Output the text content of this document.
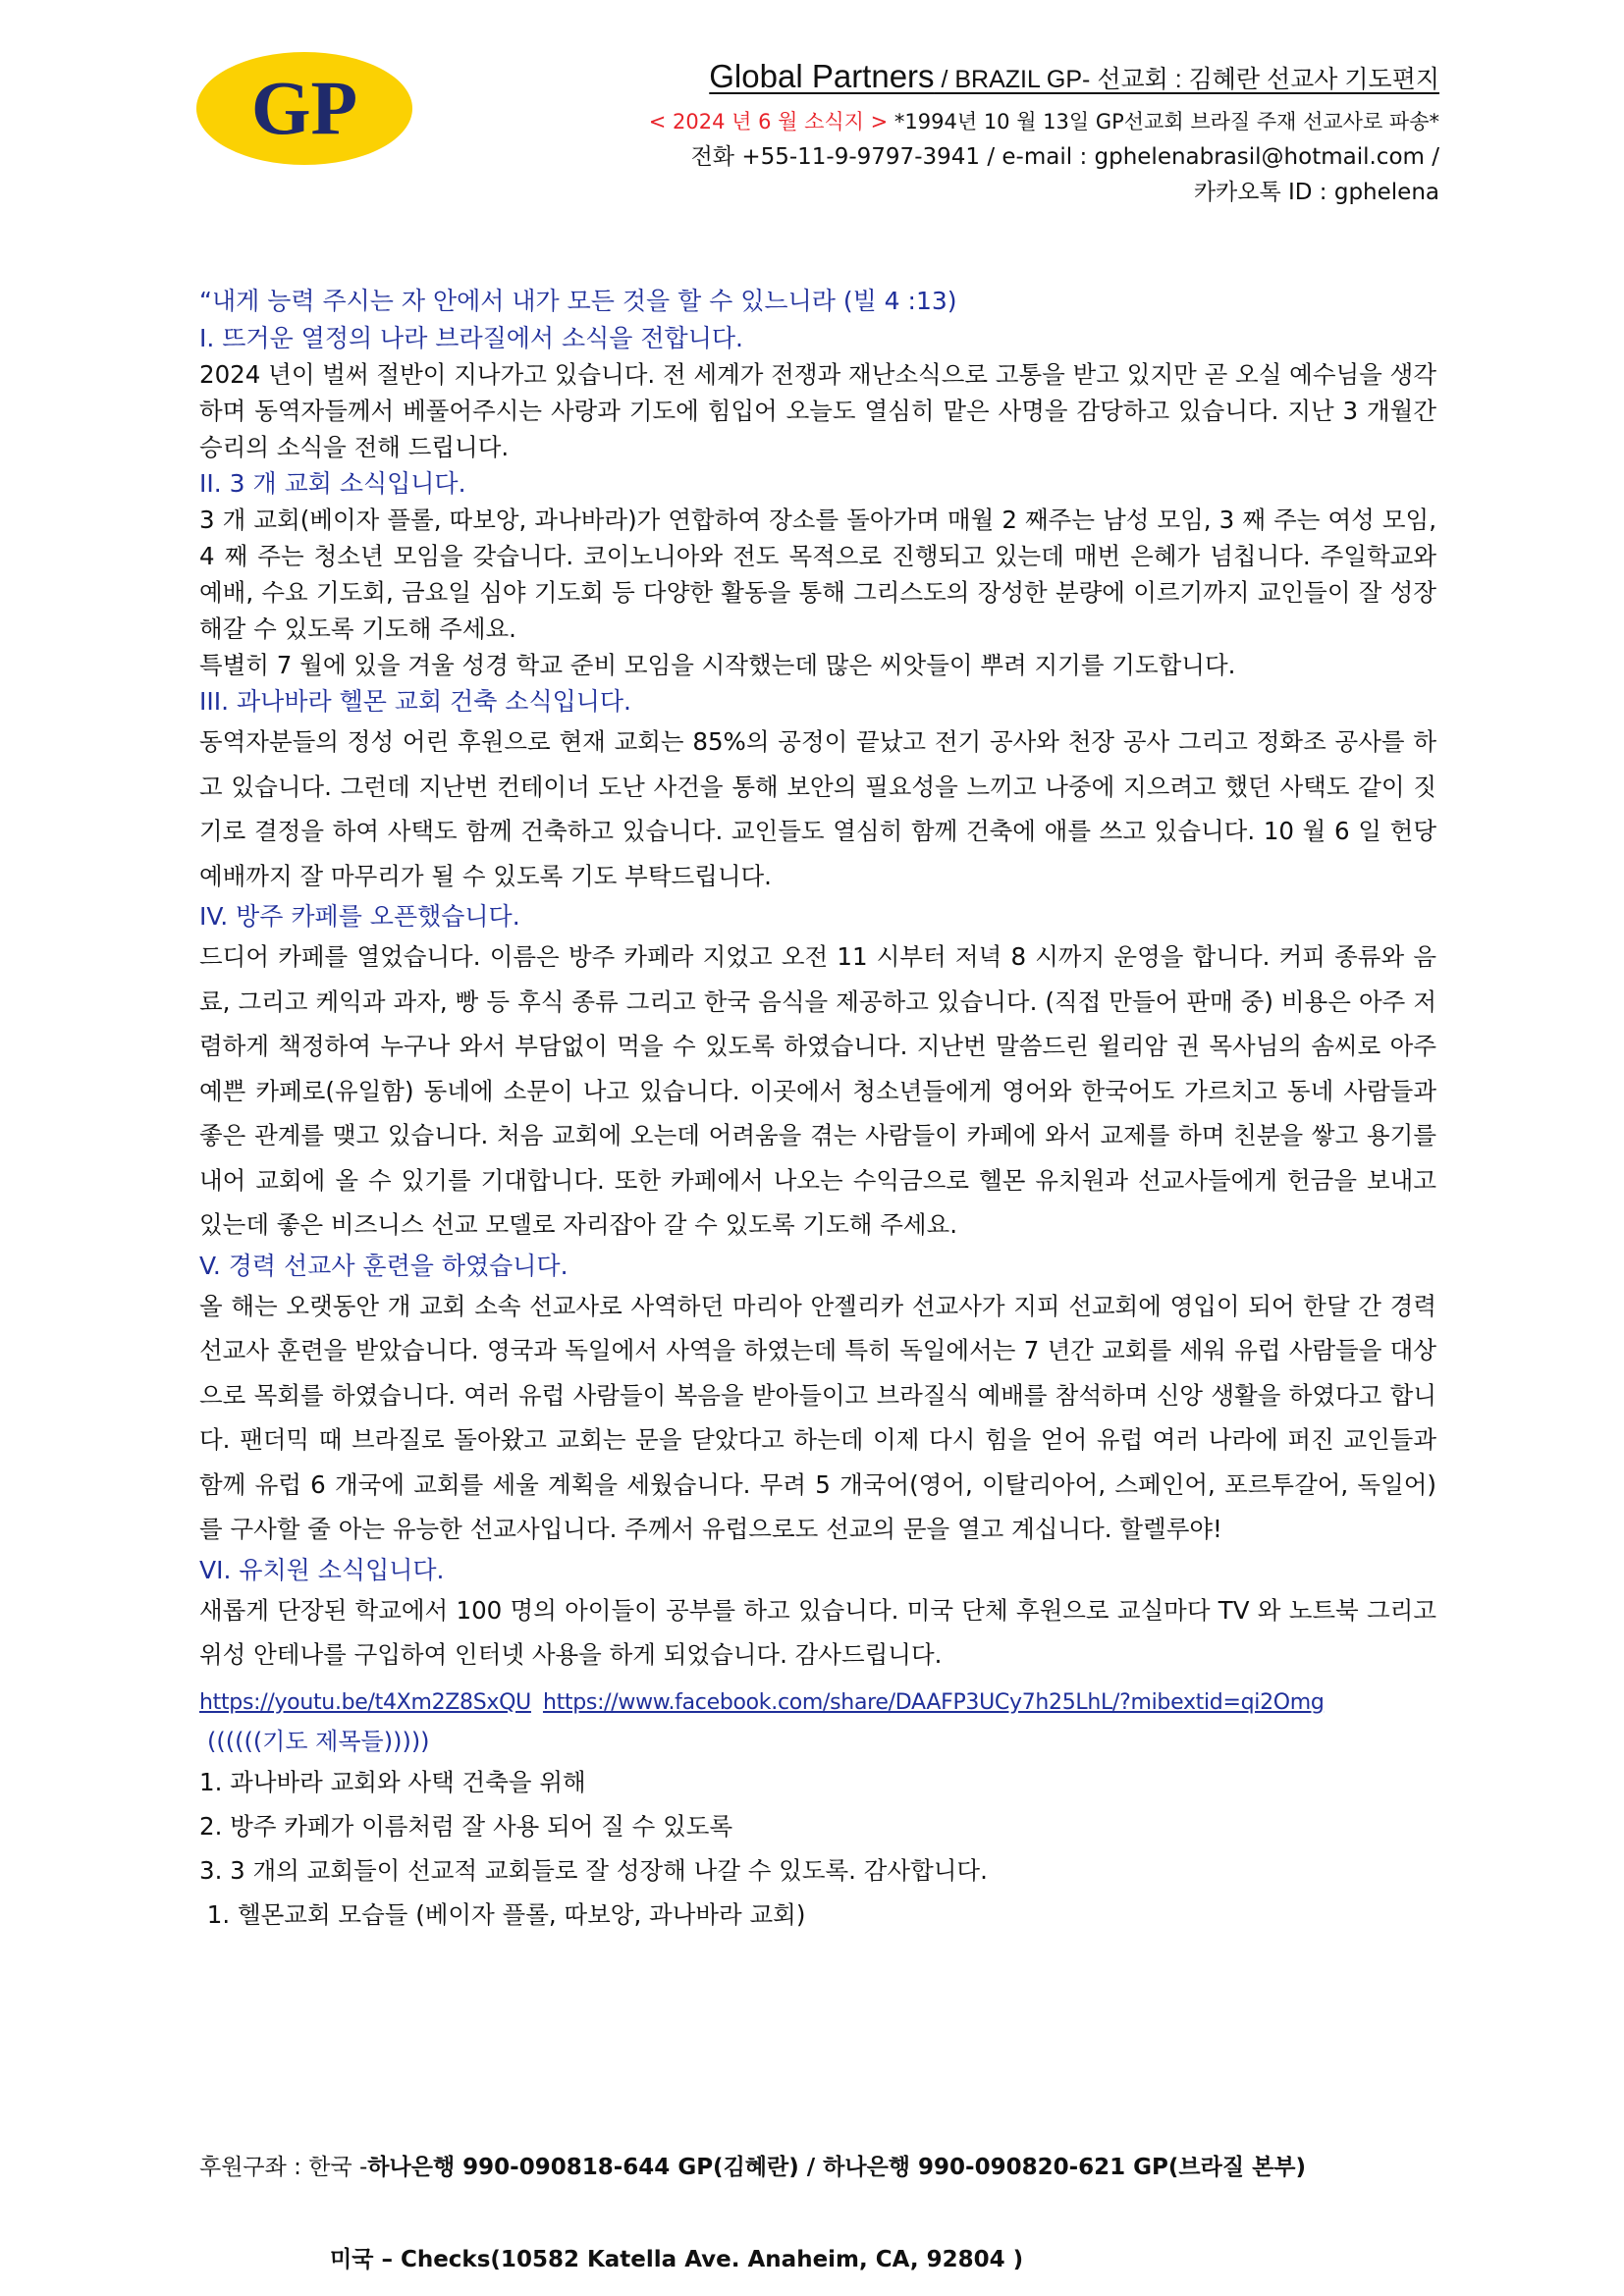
GP	Global Partners / BRAZIL GP- 선교회 : 김혜란 선교사 기도편지
< 2024 년 6 월 소식지 > *1994년 10 월 13일 GP선교회 브라질 주재 선교사로 파송*
전화 +55-11-9-9797-3941 / e-mail : gphelenabrasil@hotmail.com /
카카오톡 ID : gphelena
“내게 능력 주시는 자 안에서 내가 모든 것을 할 수 있느니라 (빌 4 :13)
I. 뜨거운 열정의 나라 브라질에서 소식을 전합니다.

2024 년이 벌써 절반이 지나가고 있습니다. 전 세계가 전쟁과 재난소식으로 고통을 받고 있지만 곧 오실 예수님을 생각하며 동역자들께서 베풀어주시는 사랑과 기도에 힘입어 오늘도 열심히 맡은 사명을 감당하고 있습니다. 지난 3 개월간 승리의 소식을 전해 드립니다.

II. 3 개 교회 소식입니다.

3 개 교회(베이자 플롤, 따보앙, 과나바라)가 연합하여 장소를 돌아가며 매월 2 째주는 남성 모임, 3 째 주는 여성 모임, 4 째 주는 청소년 모임을 갖습니다. 코이노니아와 전도 목적으로 진행되고 있는데 매번 은혜가 넘칩니다. 주일학교와 예배, 수요 기도회, 금요일 심야 기도회 등 다양한 활동을 통해 그리스도의 장성한 분량에 이르기까지 교인들이 잘 성장해갈 수 있도록 기도해 주세요.

특별히 7 월에 있을 겨울 성경 학교 준비 모임을 시작했는데 많은 씨앗들이 뿌려 지기를 기도합니다.

III. 과나바라 헬몬 교회 건축 소식입니다.

동역자분들의 정성 어린 후원으로 현재 교회는 85%의 공정이 끝났고 전기 공사와 천장 공사 그리고 정화조 공사를 하고 있습니다. 그런데 지난번 컨테이너 도난 사건을 통해 보안의 필요성을 느끼고 나중에 지으려고 했던 사택도 같이 짓기로 결정을 하여 사택도 함께 건축하고 있습니다. 교인들도 열심히 함께 건축에 애를 쓰고 있습니다. 10 월 6 일 헌당 예배까지 잘 마무리가 될 수 있도록 기도 부탁드립니다.

IV. 방주 카페를 오픈했습니다.

드디어 카페를 열었습니다. 이름은 방주 카페라 지었고 오전 11 시부터 저녁 8 시까지 운영을 합니다. 커피 종류와 음료, 그리고 케익과 과자, 빵 등 후식 종류 그리고 한국 음식을 제공하고 있습니다. (직접 만들어 판매 중) 비용은 아주 저렴하게 책정하여 누구나 와서 부담없이 먹을 수 있도록 하였습니다. 지난번 말씀드린 윌리암 권 목사님의 솜씨로 아주 예쁜 카페로(유일함) 동네에 소문이 나고 있습니다. 이곳에서 청소년들에게 영어와 한국어도 가르치고 동네 사람들과 좋은 관계를 맺고 있습니다. 처음 교회에 오는데 어려움을 겪는 사람들이 카페에 와서 교제를 하며 친분을 쌓고 용기를 내어 교회에 올 수 있기를 기대합니다. 또한 카페에서 나오는 수익금으로 헬몬 유치원과 선교사들에게 헌금을 보내고 있는데 좋은 비즈니스 선교 모델로 자리잡아 갈 수 있도록 기도해 주세요.

V. 경력 선교사 훈련을 하였습니다.

올 해는 오랫동안 개 교회 소속 선교사로 사역하던 마리아 안젤리카 선교사가 지피 선교회에 영입이 되어 한달 간 경력 선교사 훈련을 받았습니다. 영국과 독일에서 사역을 하였는데 특히 독일에서는 7 년간 교회를 세워 유럽 사람들을 대상으로 목회를 하였습니다. 여러 유럽 사람들이 복음을 받아들이고 브라질식 예배를 참석하며 신앙 생활을 하였다고 합니다. 팬더믹 때 브라질로 돌아왔고 교회는 문을 닫았다고 하는데 이제 다시 힘을 얻어 유럽 여러 나라에 퍼진 교인들과 함께 유럽 6 개국에 교회를 세울 계획을 세웠습니다. 무려 5 개국어(영어, 이탈리아어, 스페인어, 포르투갈어, 독일어)를 구사할 줄 아는 유능한 선교사입니다. 주께서 유럽으로도 선교의 문을 열고 계십니다. 할렐루야!

VI. 유치원 소식입니다.

새롭게 단장된 학교에서 100 명의 아이들이 공부를 하고 있습니다. 미국 단체 후원으로 교실마다 TV 와 노트북 그리고 위성 안테나를 구입하여 인터넷 사용을 하게 되었습니다. 감사드립니다.

https://youtu.be/t4Xm2Z8SxQU https://www.facebook.com/share/DAAFP3UCy7h25LhL/?mibextid=qi2Omg
((((((기도 제목들)))))
1. 과나바라 교회와 사택 건축을 위해
2. 방주 카페가 이름처럼 잘 사용 되어 질 수 있도록
3. 3 개의 교회들이 선교적 교회들로 잘 성장해 나갈 수 있도록. 감사합니다.
1. 헬몬교회 모습들 (베이자 플롤, 따보앙, 과나바라 교회)
후원구좌 : 한국 -하나은행 990-090818-644 GP(김혜란) / 하나은행 990-090820-621 GP(브라질 본부)
미국 – Checks(10582 Katella Ave. Anaheim, CA, 92804 )
